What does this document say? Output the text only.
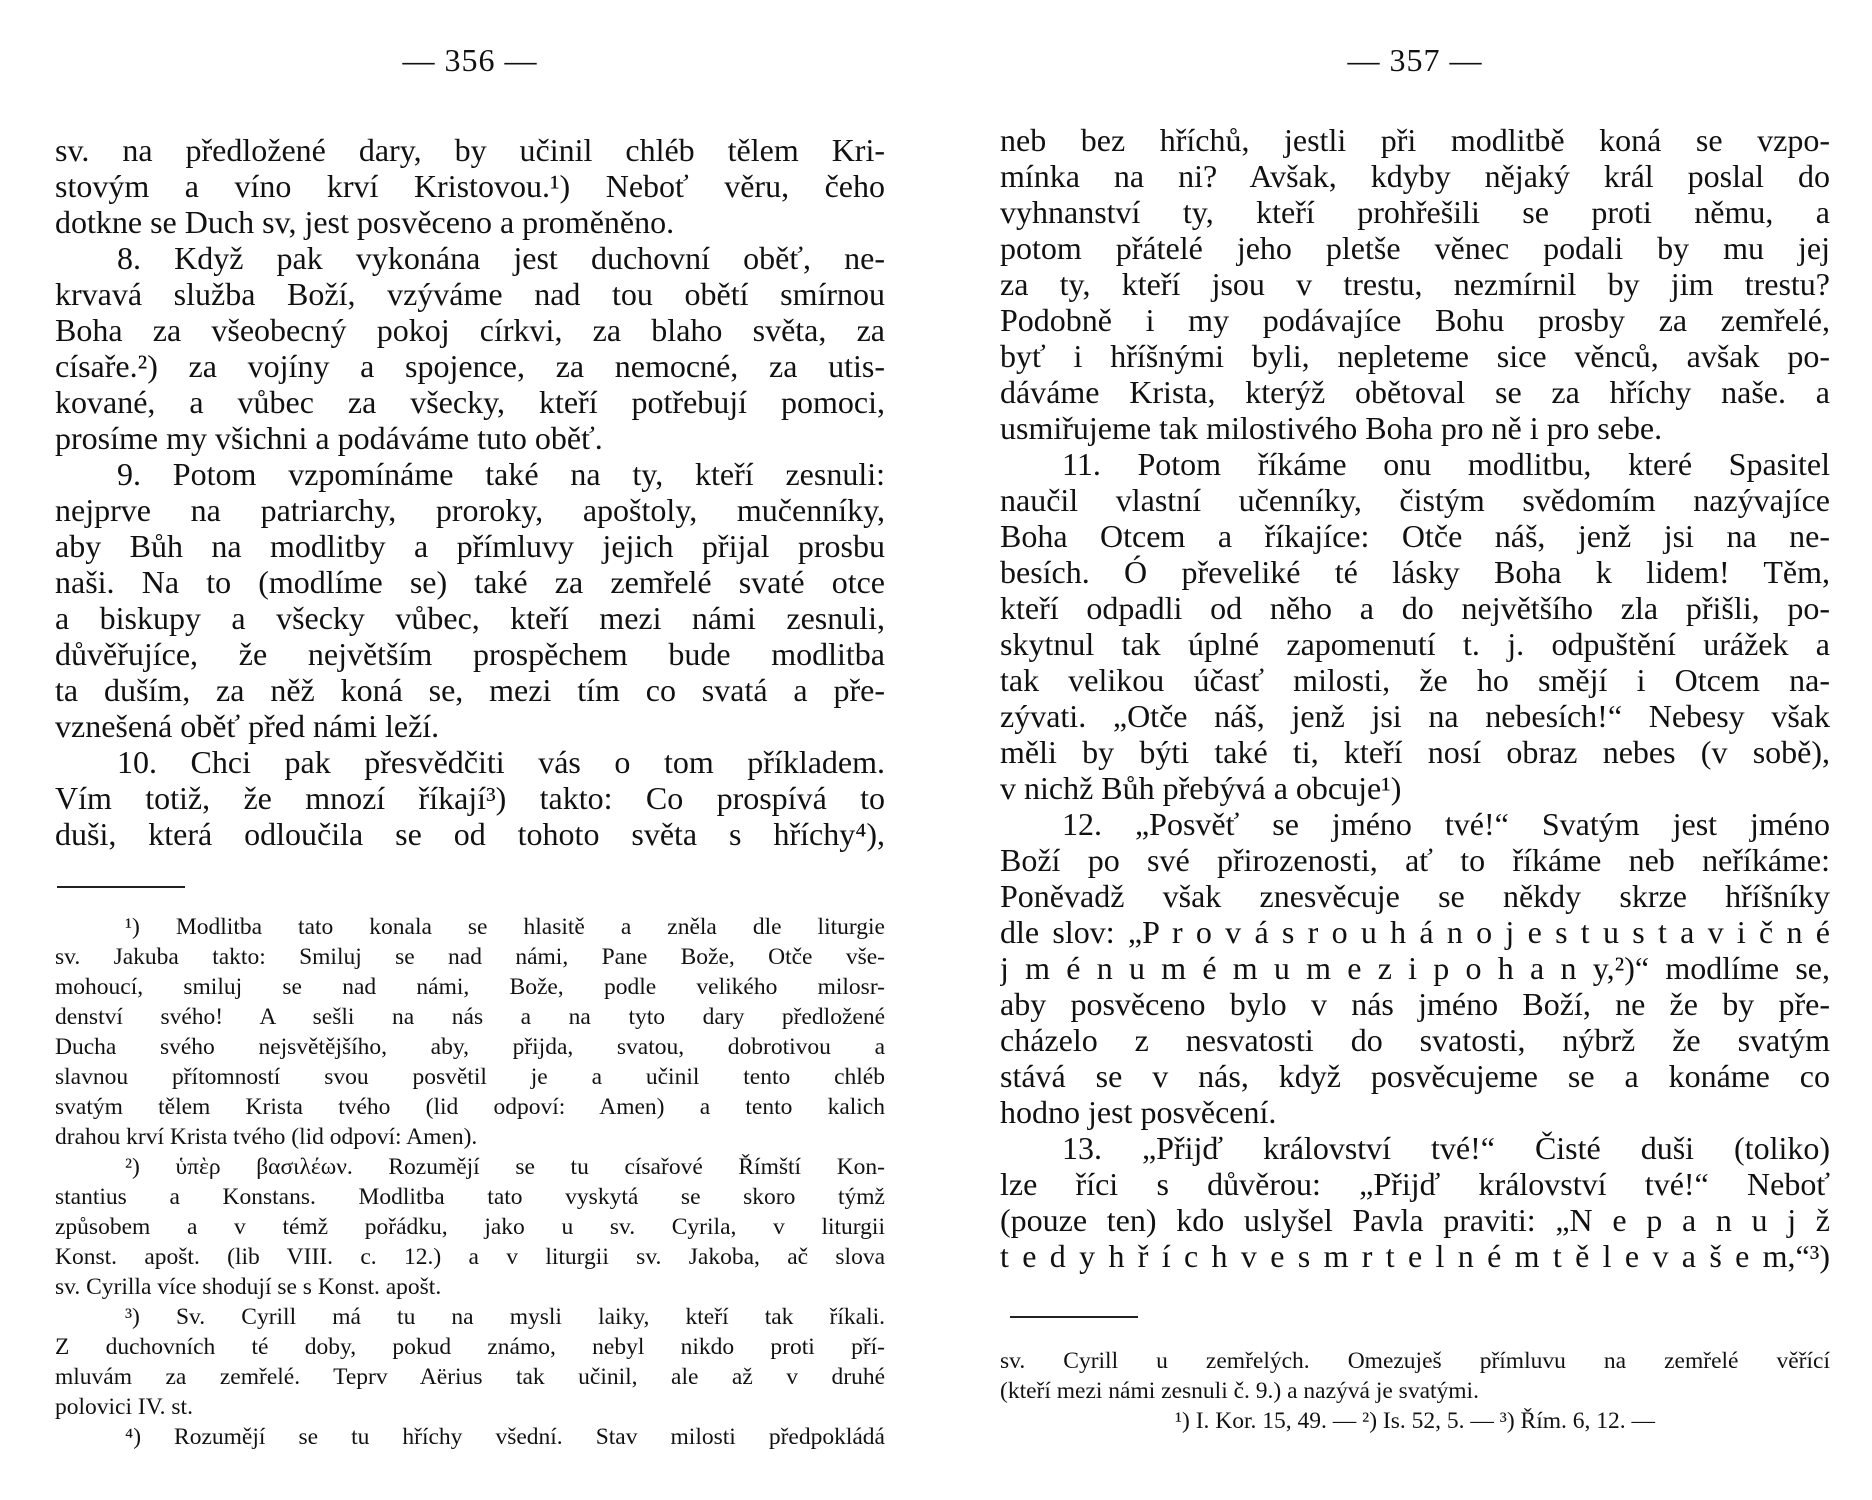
— 356 —
sv. na předložené dary, by učinil chléb tělem Kri-
stovým a víno krví Kristovou.¹) Neboť věru, čeho
dotkne se Duch sv, jest posvěceno a proměněno.
8. Když pak vykonána jest duchovní oběť, ne-
krvavá služba Boží, vzýváme nad tou obětí smírnou
Boha za všeobecný pokoj církvi, za blaho světa, za
císaře.²) za vojíny a spojence, za nemocné, za utis-
kované, a vůbec za všecky, kteří potřebují pomoci,
prosíme my všichni a podáváme tuto oběť.
9. Potom vzpomínáme také na ty, kteří zesnuli:
nejprve na patriarchy, proroky, apoštoly, mučenníky,
aby Bůh na modlitby a přímluvy jejich přijal prosbu
naši. Na to (modlíme se) také za zemřelé svaté otce
a biskupy a všecky vůbec, kteří mezi námi zesnuli,
důvěřujíce, že největším prospěchem bude modlitba
ta duším, za něž koná se, mezi tím co svatá a pře-
vznešená oběť před námi leží.
10. Chci pak přesvědčiti vás o tom příkladem.
Vím totiž, že mnozí říkají³) takto: Co prospívá to
duši, která odloučila se od tohoto světa s hříchy⁴),
¹) Modlitba tato konala se hlasitě a zněla dle liturgie
sv. Jakuba takto: Smiluj se nad námi, Pane Bože, Otče vše-
mohoucí, smiluj se nad námi, Bože, podle velikého milosr-
denství svého! A sešli na nás a na tyto dary předložené
Ducha svého nejsvětějšího, aby, přijda, svatou, dobrotivou a
slavnou přítomností svou posvětil je a učinil tento chléb
svatým tělem Krista tvého (lid odpoví: Amen) a tento kalich
drahou krví Krista tvého (lid odpoví: Amen).
²) ὑπὲρ βασιλέων. Rozumějí se tu císařové Římští Kon-
stantius a Konstans. Modlitba tato vyskytá se skoro týmž
způsobem a v témž pořádku, jako u sv. Cyrila, v liturgii
Konst. apošt. (lib VIII. c. 12.) a v liturgii sv. Jakoba, ač slova
sv. Cyrilla více shodují se s Konst. apošt.
³) Sv. Cyrill má tu na mysli laiky, kteří tak říkali.
Z duchovních té doby, pokud známo, nebyl nikdo proti pří-
mluvám za zemřelé. Teprv Aërius tak učinil, ale až v druhé
polovici IV. st.
⁴) Rozumějí se tu hříchy všední. Stav milosti předpokládá
— 357 —
neb bez hříchů, jestli při modlitbě koná se vzpo-
mínka na ni? Avšak, kdyby nějaký král poslal do
vyhnanství ty, kteří prohřešili se proti němu, a
potom přátelé jeho pletše věnec podali by mu jej
za ty, kteří jsou v trestu, nezmírnil by jim trestu?
Podobně i my podávajíce Bohu prosby za zemřelé,
byť i hříšnými byli, nepleteme sice věnců, avšak po-
dáváme Krista, kterýž obětoval se za hříchy naše. a
usmiřujeme tak milostivého Boha pro ně i pro sebe.
11. Potom říkáme onu modlitbu, které Spasitel
naučil vlastní učenníky, čistým svědomím nazývajíce
Boha Otcem a říkajíce: Otče náš, jenž jsi na ne-
besích. Ó převeliké té lásky Boha k lidem! Těm,
kteří odpadli od něho a do největšího zla přišli, po-
skytnul tak úplné zapomenutí t. j. odpuštění urážek a
tak velikou účasť milosti, že ho smějí i Otcem na-
zývati. „Otče náš, jenž jsi na nebesích!“ Nebesy však
měli by býti také ti, kteří nosí obraz nebes (v sobě),
v nichž Bůh přebývá a obcuje¹)
12. „Posvěť se jméno tvé!“ Svatým jest jméno
Boží po své přirozenosti, ať to říkáme neb neříkáme:
Poněvadž však znesvěcuje se někdy skrze hříšníky
dle slov: „P r o v á s r o u h á n o j e s t u s t a v i č n é
j m é n u m é m u m e z i p o h a n y,²)“ modlíme se,
aby posvěceno bylo v nás jméno Boží, ne že by pře-
cházelo z nesvatosti do svatosti, nýbrž že svatým
stává se v nás, když posvěcujeme se a konáme co
hodno jest posvěcení.
13. „Přijď království tvé!“ Čisté duši (toliko)
lze říci s důvěrou: „Přijď království tvé!“ Neboť
(pouze ten) kdo uslyšel Pavla praviti: „N e p a n u j ž
t e d y h ř í c h v e s m r t e l n é m t ě l e v a š e m,“³)
sv. Cyrill u zemřelých. Omezuješ přímluvu na zemřelé věřící
(kteří mezi námi zesnuli č. 9.) a nazývá je svatými.
¹) I. Kor. 15, 49. — ²) Is. 52, 5. — ³) Řím. 6, 12. —
